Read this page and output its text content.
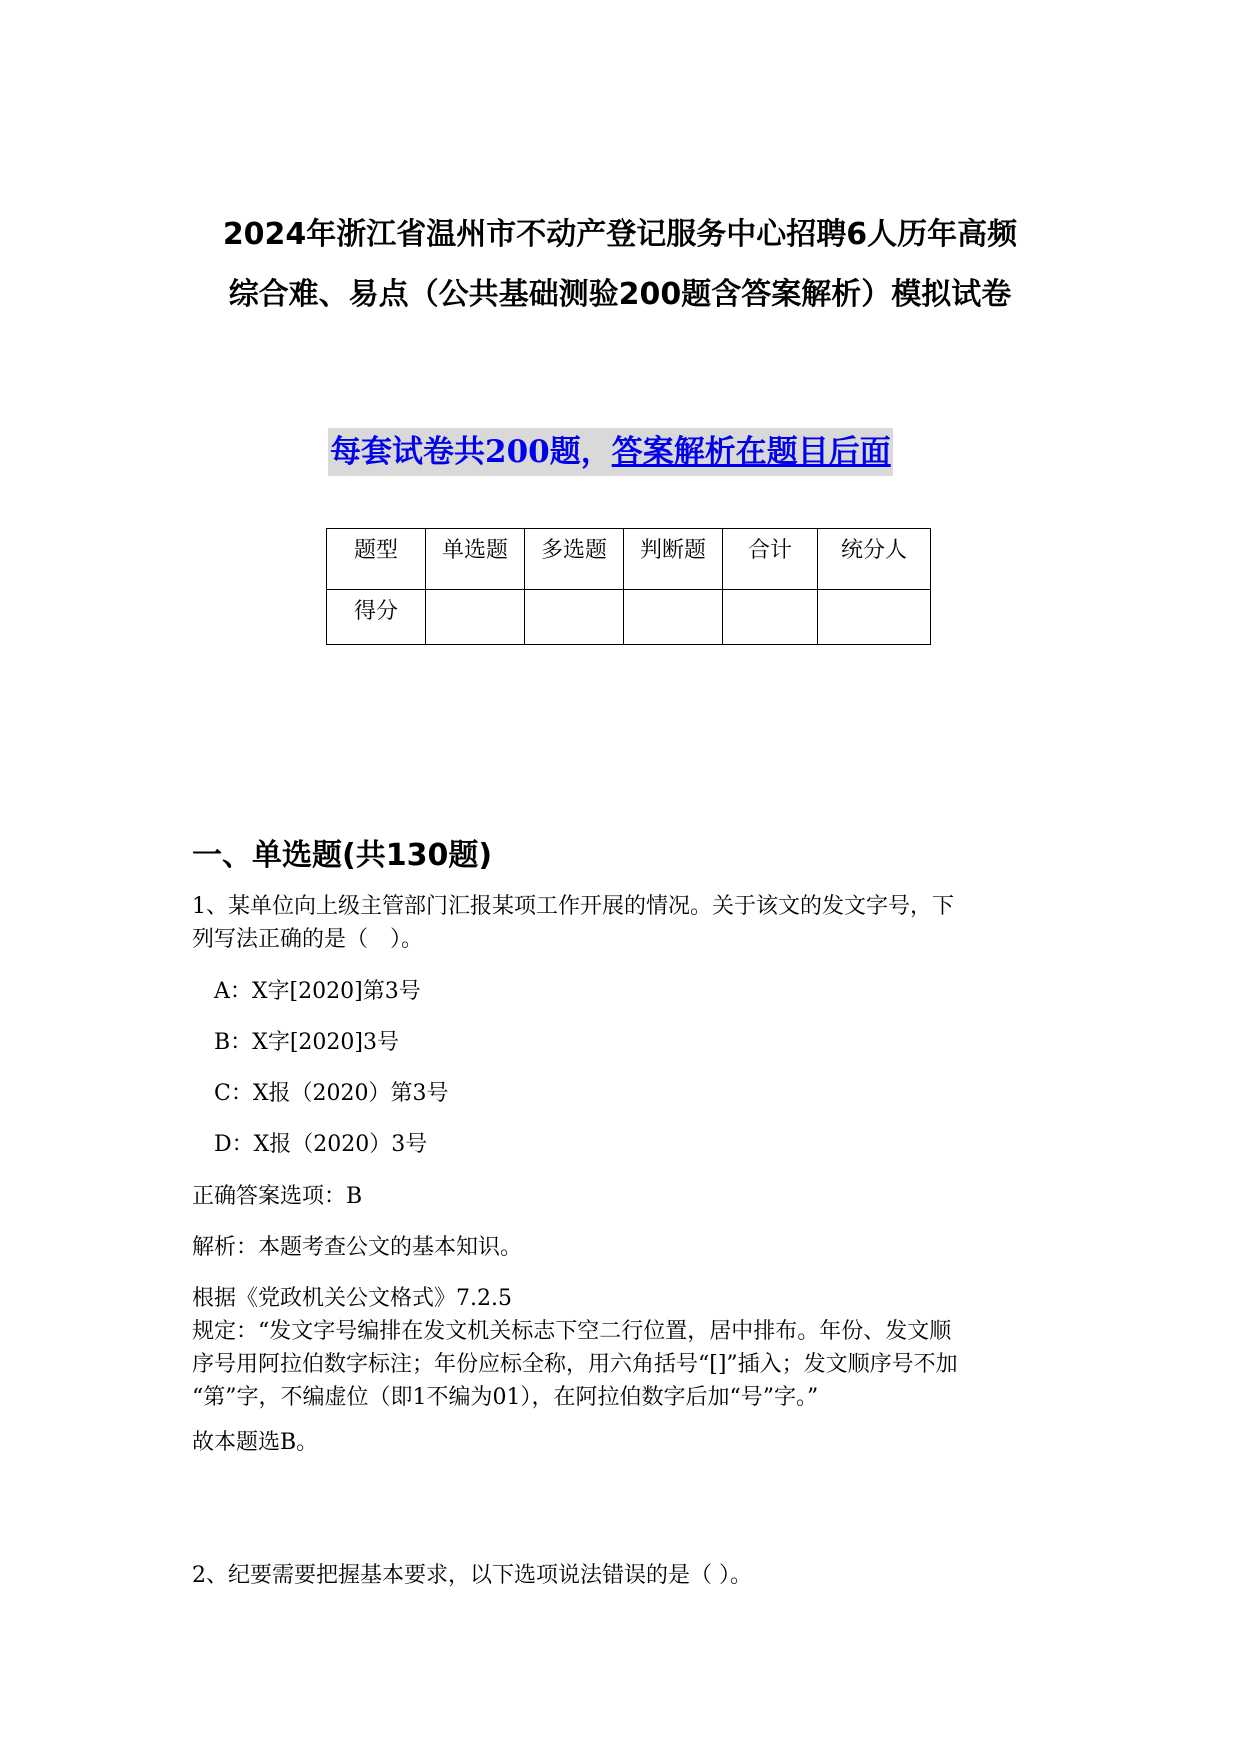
2024年浙江省温州市不动产登记服务中心招聘6人历年高频
综合难、易点（公共基础测验200题含答案解析）模拟试卷
每套试卷共200题，答案解析在题目后面
题型	单选题	多选题	判断题	合计	统分人
得分					
一、单选题(共130题)
1、某单位向上级主管部门汇报某项工作开展的情况。关于该文的发文字号，下
列写法正确的是（　）。
A：X字[2020]第3号
B：X字[2020]3号
C：X报（2020）第3号
D：X报（2020）3号
正确答案选项：B
解析：本题考查公文的基本知识。
根据《党政机关公文格式》7.2.5
规定：“发文字号编排在发文机关标志下空二行位置，居中排布。年份、发文顺
序号用阿拉伯数字标注；年份应标全称，用六角括号“[]”插入；发文顺序号不加
“第”字，不编虚位（即1不编为01），在阿拉伯数字后加“号”字。”
故本题选B。
2、纪要需要把握基本要求，以下选项说法错误的是（ ）。
